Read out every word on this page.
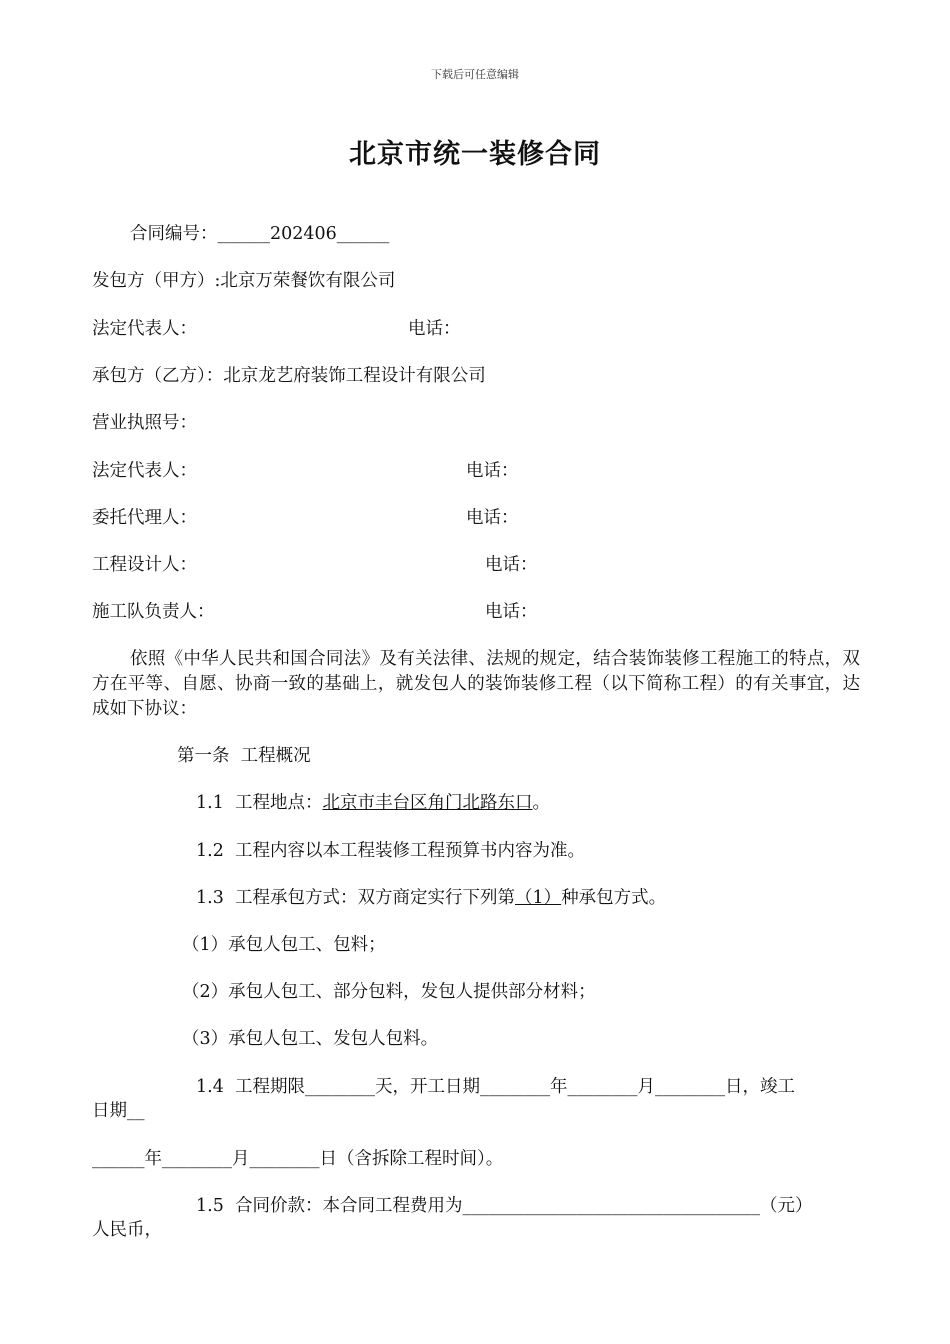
下载后可任意编辑
北京市统一装修合同
合同编号：______202406______
发包方（甲方）:北京万荣餐饮有限公司
法定代表人：	电话：
承包方（乙方）：北京龙艺府装饰工程设计有限公司
营业执照号：
法定代表人：	电话：
委托代理人：	电话：
工程设计人：	电话：
施工队负责人：	电话：
依照《中华人民共和国合同法》及有关法律、法规的规定，结合装饰装修工程施工的特点，双方在平等、自愿、协商一致的基础上，就发包人的装饰装修工程（以下简称工程）的有关事宜，达成如下协议：
第一条  工程概况
1.1  工程地点：北京市丰台区角门北路东口。
1.2  工程内容以本工程装修工程预算书内容为准。
1.3  工程承包方式：双方商定实行下列第（1）种承包方式。
（1）承包人包工、包料；
（2）承包人包工、部分包料，发包人提供部分材料；
（3）承包人包工、发包人包料。
1.4  工程期限________天，开工日期________年________月________日，竣工
日期__
______年________月________日（含拆除工程时间）。
1.5  合同价款：本合同工程费用为__________________________________（元）
人民币，
